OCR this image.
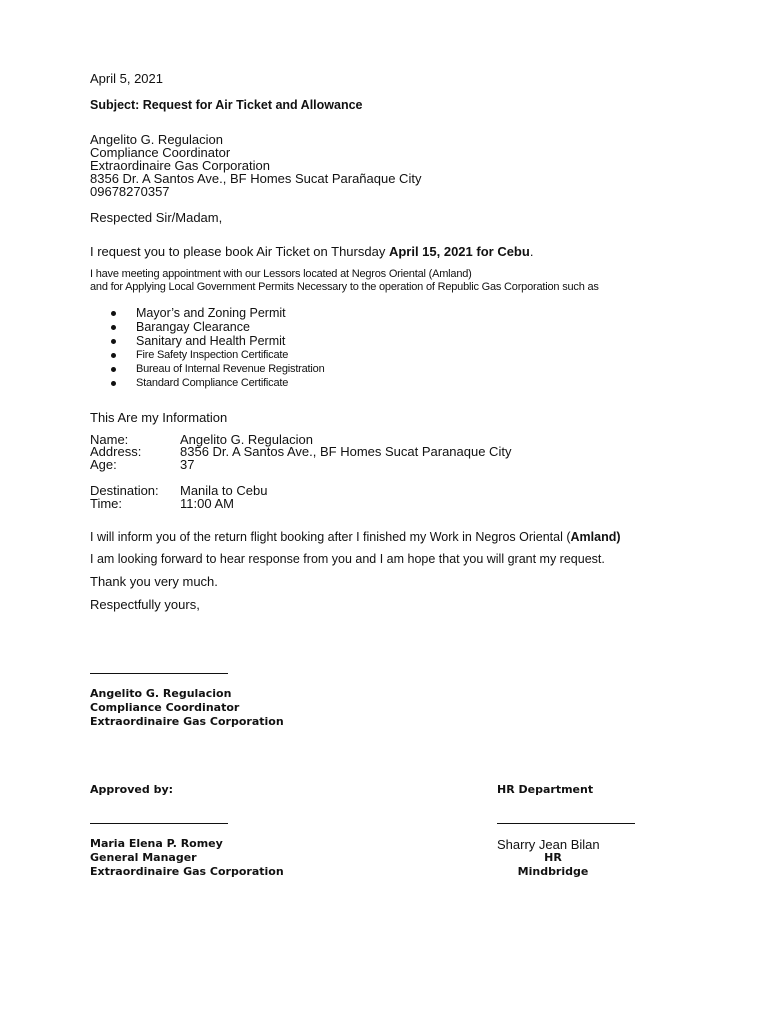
April 5, 2021
Subject: Request for Air Ticket and Allowance
Angelito G. Regulacion
Compliance Coordinator
Extraordinaire Gas Corporation
8356 Dr. A Santos Ave., BF Homes Sucat Parañaque City
09678270357
Respected Sir/Madam,
I request you to please book Air Ticket on Thursday April 15, 2021 for Cebu.
I have meeting appointment with our Lessors located at Negros Oriental (Amland)
and for Applying Local Government Permits Necessary to the operation of Republic Gas Corporation such as
Mayor’s and Zoning Permit
Barangay Clearance
Sanitary and Health Permit
Fire Safety Inspection Certificate
Bureau of Internal Revenue Registration
Standard Compliance Certificate
This Are my Information
Name:	Angelito G. Regulacion
Address:	8356 Dr. A Santos Ave., BF Homes Sucat Paranaque City
Age:	37
Destination: Manila to Cebu
Time:	11:00 AM
I will inform you of the return flight booking after I finished my Work in Negros Oriental (Amland)
I am looking forward to hear response from you and I am hope that you will grant my request.
Thank you very much.
Respectfully yours,
Angelito G. Regulacion
Compliance Coordinator
Extraordinaire Gas Corporation
Approved by:	HR Department
Maria Elena P. Romey
General Manager
Extraordinaire Gas Corporation
Sharry Jean Bilan
HR
Mindbridge
